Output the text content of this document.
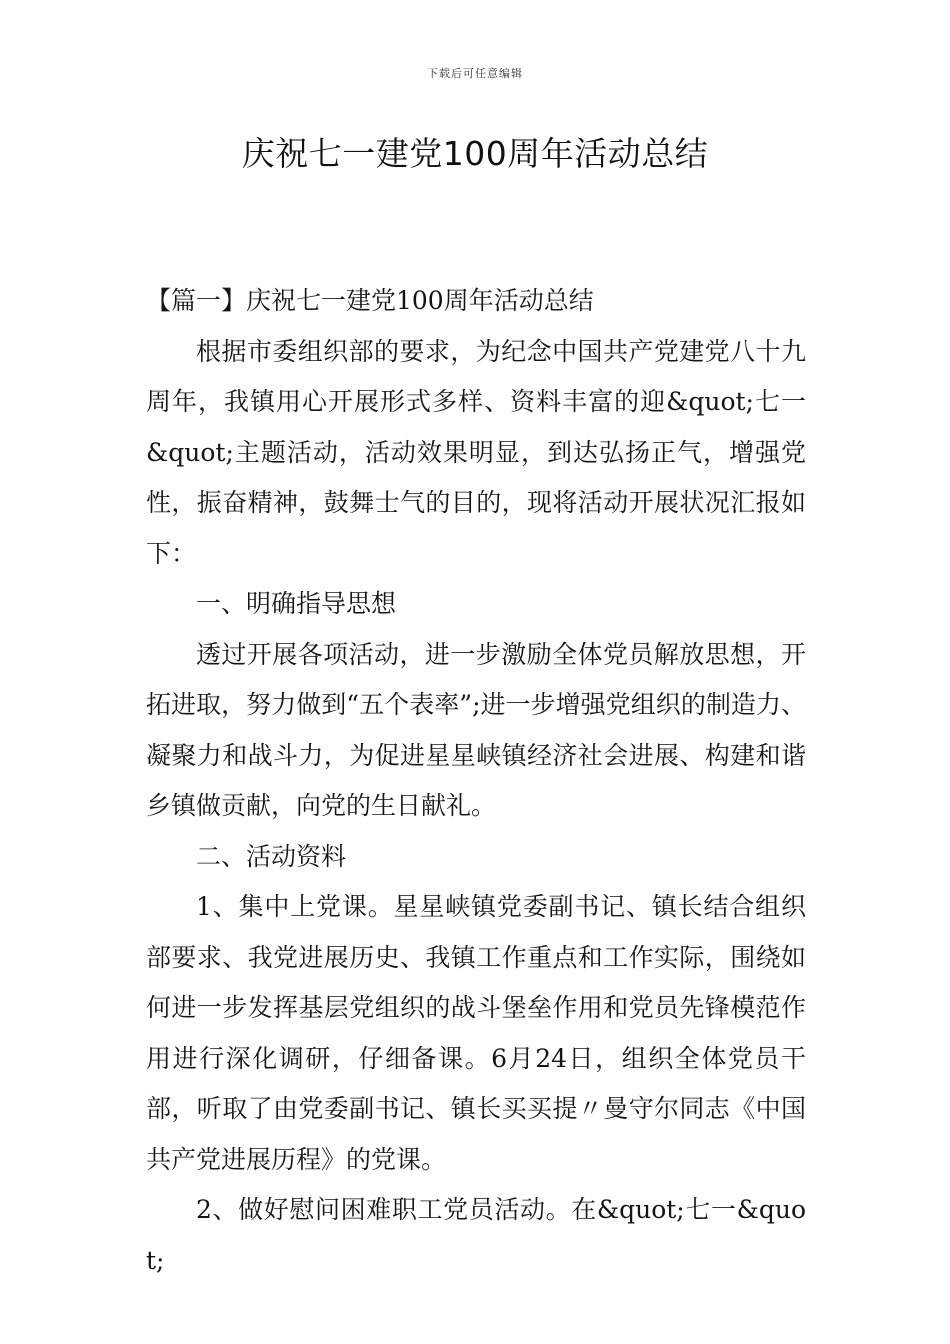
下载后可任意编辑
庆祝七一建党100周年活动总结

【篇一】庆祝七一建党100周年活动总结

根据市委组织部的要求，为纪念中国共产党建党八十九周年，我镇用心开展形式多样、资料丰富的迎&quot;七一&quot;主题活动，活动效果明显，到达弘扬正气，增强党性，振奋精神，鼓舞士气的目的，现将活动开展状况汇报如下：

一、明确指导思想

透过开展各项活动，进一步激励全体党员解放思想，开拓进取，努力做到“五个表率”;进一步增强党组织的制造力、凝聚力和战斗力，为促进星星峡镇经济社会进展、构建和谐乡镇做贡献，向党的生日献礼。

二、活动资料

1、集中上党课。星星峡镇党委副书记、镇长结合组织部要求、我党进展历史、我镇工作重点和工作实际，围绕如何进一步发挥基层党组织的战斗堡垒作用和党员先锋模范作用进行深化调研，仔细备课。6月24日，组织全体党员干部，听取了由党委副书记、镇长买买提〃曼守尔同志《中国共产党进展历程》的党课。

2、做好慰问困难职工党员活动。在&quot;七一&quot;
